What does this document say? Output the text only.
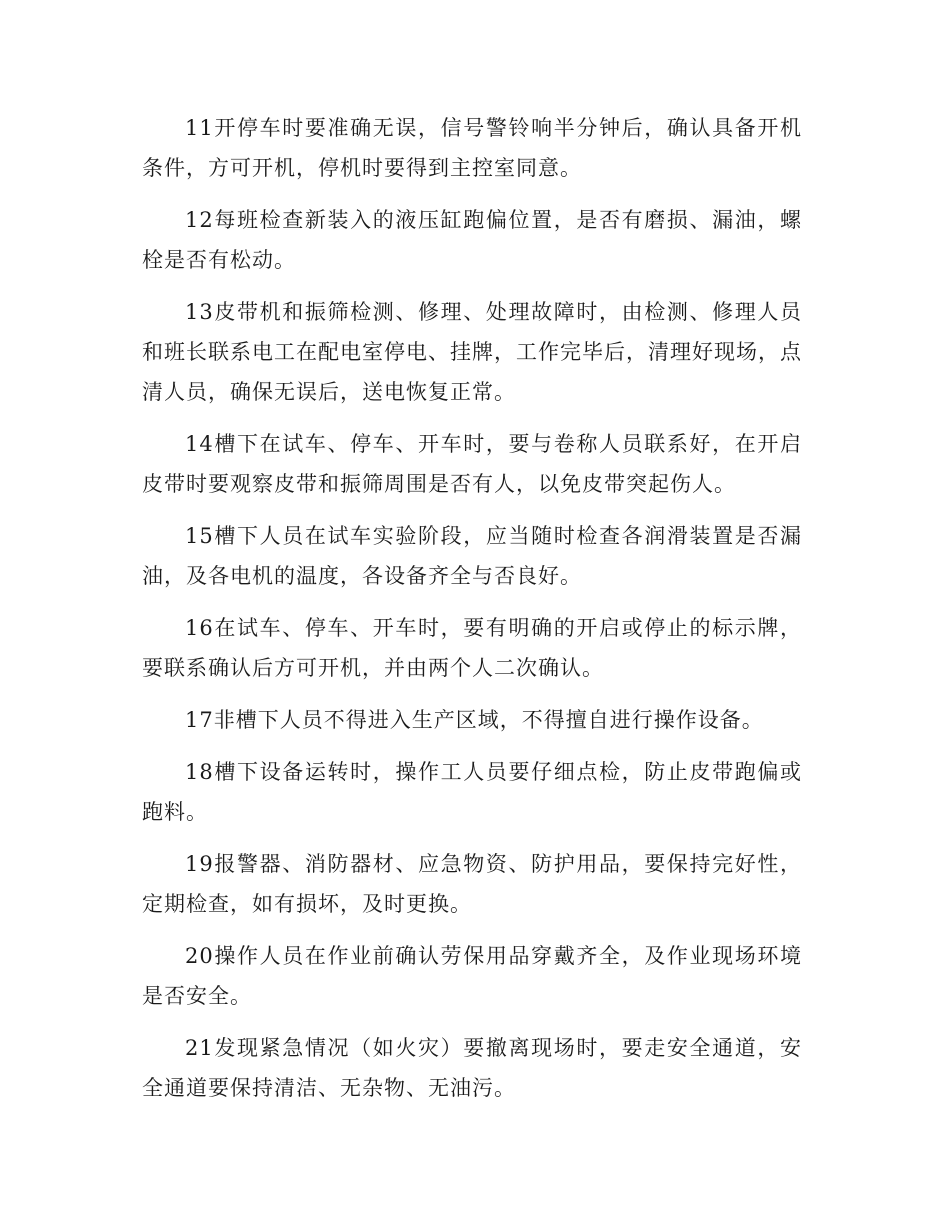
11开停车时要准确无误，信号警铃响半分钟后，确认具备开机条件，方可开机，停机时要得到主控室同意。

12每班检查新装入的液压缸跑偏位置，是否有磨损、漏油，螺栓是否有松动。

13皮带机和振筛检测、修理、处理故障时，由检测、修理人员和班长联系电工在配电室停电、挂牌，工作完毕后，清理好现场，点清人员，确保无误后，送电恢复正常。

14槽下在试车、停车、开车时，要与卷称人员联系好，在开启皮带时要观察皮带和振筛周围是否有人，以免皮带突起伤人。

15槽下人员在试车实验阶段，应当随时检查各润滑装置是否漏油，及各电机的温度，各设备齐全与否良好。

16在试车、停车、开车时，要有明确的开启或停止的标示牌，要联系确认后方可开机，并由两个人二次确认。

17非槽下人员不得进入生产区域，不得擅自进行操作设备。

18槽下设备运转时，操作工人员要仔细点检，防止皮带跑偏或跑料。

19报警器、消防器材、应急物资、防护用品，要保持完好性，定期检查，如有损坏，及时更换。

20操作人员在作业前确认劳保用品穿戴齐全，及作业现场环境是否安全。

21发现紧急情况（如火灾）要撤离现场时，要走安全通道，安全通道要保持清洁、无杂物、无油污。
